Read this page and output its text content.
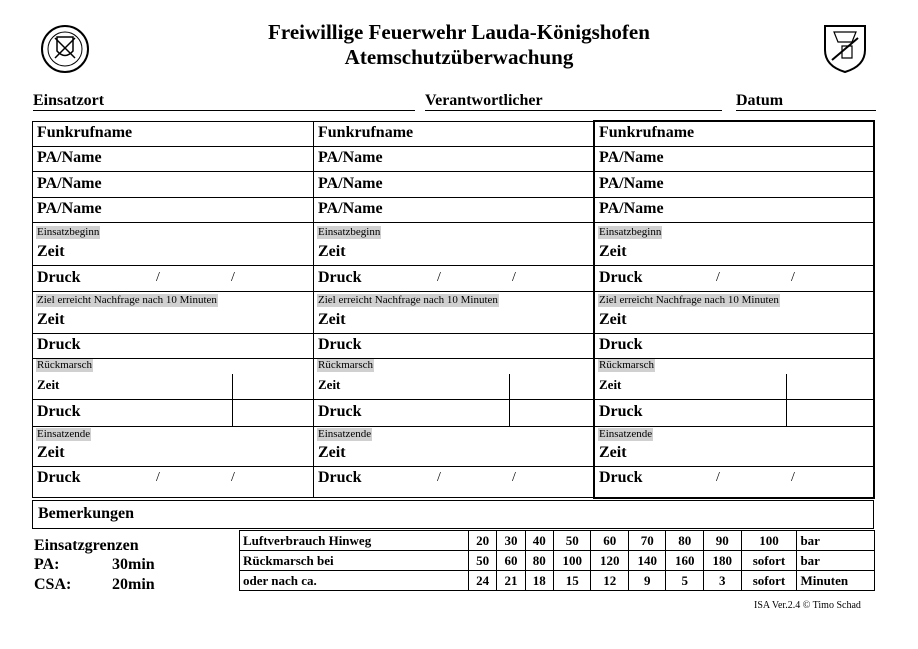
Freiwillige Feuerwehr Lauda-Königshofen
Atemschutzüberwachung
Einsatzort	Verantwortlicher	Datum
Funkrufname
PA/Name
PA/Name
PA/Name
Einsatzbeginn
Zeit
Druck	/	/
Ziel erreicht Nachfrage nach 10 Minuten
Zeit
Druck
Rückmarsch
Zeit
Druck
Einsatzende
Zeit
Druck	/	/
Funkrufname
PA/Name
PA/Name
PA/Name
Einsatzbeginn
Zeit
Druck	/	/
Ziel erreicht Nachfrage nach 10 Minuten
Zeit
Druck
Rückmarsch
Zeit
Druck
Einsatzende
Zeit
Druck	/	/
Funkrufname
PA/Name
PA/Name
PA/Name
Einsatzbeginn
Zeit
Druck	/	/
Ziel erreicht Nachfrage nach 10 Minuten
Zeit
Druck
Rückmarsch
Zeit
Druck
Einsatzende
Zeit
Druck	/	/
Bemerkungen
Einsatzgrenzen
PA:	30min
CSA:	20min
Luftverbrauch Hinweg	20	30	40	50	60	70	80	90	100	bar
Rückmarsch bei	50	60	80	100	120	140	160	180	sofort	bar
oder nach ca.	24	21	18	15	12	9	5	3	sofort	Minuten
ISA Ver.2.4 © Timo Schad
